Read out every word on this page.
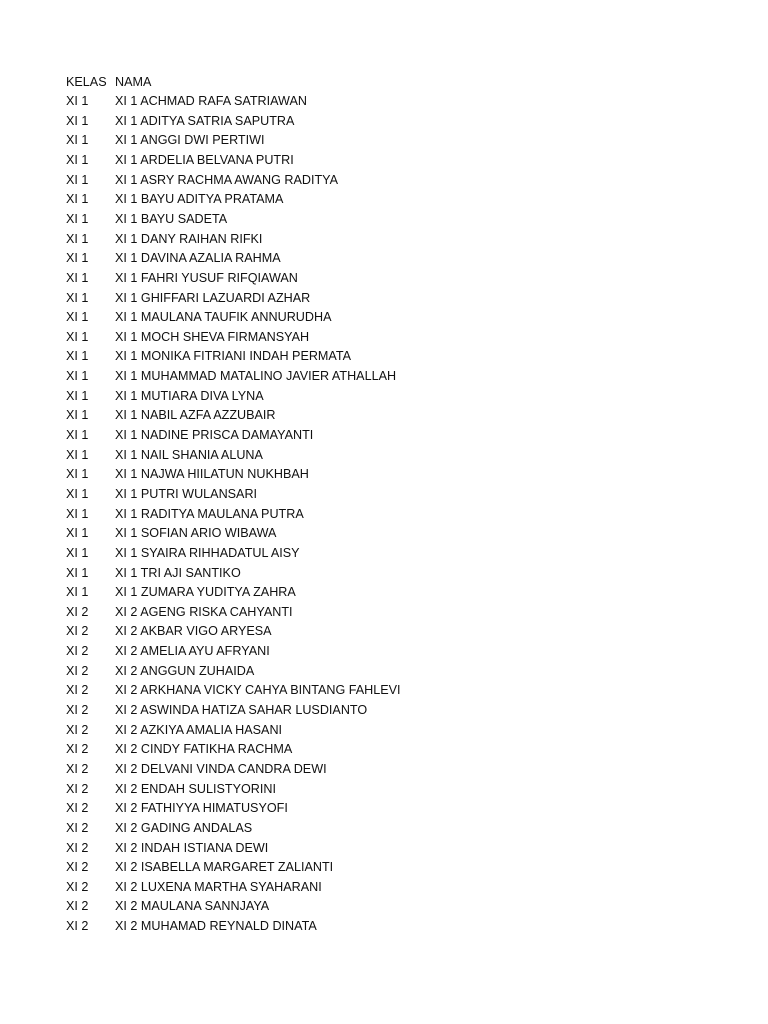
KELAS NAMA
XI 1	XI 1 ACHMAD RAFA SATRIAWAN
XI 1	XI 1 ADITYA SATRIA SAPUTRA
XI 1	XI 1 ANGGI DWI PERTIWI
XI 1	XI 1 ARDELIA BELVANA PUTRI
XI 1	XI 1 ASRY RACHMA AWANG RADITYA
XI 1	XI 1 BAYU ADITYA PRATAMA
XI 1	XI 1 BAYU SADETA
XI 1	XI 1 DANY RAIHAN RIFKI
XI 1	XI 1 DAVINA AZALIA RAHMA
XI 1	XI 1 FAHRI YUSUF RIFQIAWAN
XI 1	XI 1 GHIFFARI LAZUARDI AZHAR
XI 1	XI 1 MAULANA TAUFIK ANNURUDHA
XI 1	XI 1 MOCH SHEVA FIRMANSYAH
XI 1	XI 1 MONIKA FITRIANI INDAH PERMATA
XI 1	XI 1 MUHAMMAD MATALINO JAVIER ATHALLAH
XI 1	XI 1 MUTIARA DIVA LYNA
XI 1	XI 1 NABIL AZFA AZZUBAIR
XI 1	XI 1 NADINE PRISCA DAMAYANTI
XI 1	XI 1 NAIL SHANIA ALUNA
XI 1	XI 1 NAJWA HIILATUN NUKHBAH
XI 1	XI 1 PUTRI WULANSARI
XI 1	XI 1 RADITYA MAULANA PUTRA
XI 1	XI 1 SOFIAN ARIO WIBAWA
XI 1	XI 1 SYAIRA RIHHADATUL AISY
XI 1	XI 1 TRI AJI SANTIKO
XI 1	XI 1 ZUMARA YUDITYA ZAHRA
XI 2	XI 2 AGENG RISKA CAHYANTI
XI 2	XI 2 AKBAR VIGO ARYESA
XI 2	XI 2 AMELIA AYU AFRYANI
XI 2	XI 2 ANGGUN ZUHAIDA
XI 2	XI 2 ARKHANA VICKY CAHYA BINTANG FAHLEVI
XI 2	XI 2 ASWINDA HATIZA SAHAR LUSDIANTO
XI 2	XI 2 AZKIYA AMALIA HASANI
XI 2	XI 2 CINDY FATIKHA RACHMA
XI 2	XI 2 DELVANI VINDA CANDRA DEWI
XI 2	XI 2 ENDAH SULISTYORINI
XI 2	XI 2 FATHIYYA HIMATUSYOFI
XI 2	XI 2 GADING ANDALAS
XI 2	XI 2 INDAH ISTIANA DEWI
XI 2	XI 2 ISABELLA MARGARET ZALIANTI
XI 2	XI 2 LUXENA MARTHA SYAHARANI
XI 2	XI 2 MAULANA SANNJAYA
XI 2	XI 2 MUHAMAD REYNALD DINATA
